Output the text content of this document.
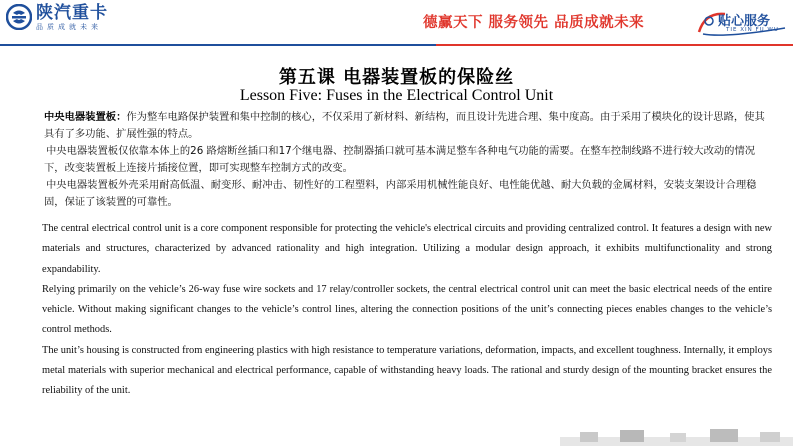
陕汽重卡
品质成就未来	德赢天下 服务领先 品质成就未来	贴心服务
TIE XIN FU WU
第五课 电器装置板的保险丝
Lesson Five: Fuses in the Electrical Control Unit

中央电器装置板：作为整车电路保护装置和集中控制的核心，不仅采用了新材料、新结构，而且设计先进合理、集中度高。由于采用了模块化的设计思路，使其具有了多功能、扩展性强的特点。

中央电器装置板仅依靠本体上的26 路熔断丝插口和17个继电器、控制器插口就可基本满足整车各种电气功能的需要。在整车控制线路不进行较大改动的情况下，改变装置板上连接片插接位置，即可实现整车控制方式的改变。

中央电器装置板外壳采用耐高低温、耐变形、耐冲击、韧性好的工程塑料，内部采用机械性能良好、电性能优越、耐大负载的金属材料，安装支架设计合理稳固，保证了该装置的可靠性。

The central electrical control unit is a core component responsible for protecting the vehicle's electrical circuits and providing centralized control. It features a design with new materials and structures, characterized by advanced rationality and high integration. Utilizing a modular design approach, it exhibits multifunctionality and strong expandability.

Relying primarily on the vehicle’s 26-way fuse wire sockets and 17 relay/controller sockets, the central electrical control unit can meet the basic electrical needs of the entire vehicle. Without making significant changes to the vehicle’s control lines, altering the connection positions of the unit’s connecting pieces enables changes to the vehicle’s control methods.

The unit’s housing is constructed from engineering plastics with high resistance to temperature variations, deformation, impacts, and excellent toughness. Internally, it employs metal materials with superior mechanical and electrical performance, capable of withstanding heavy loads. The rational and sturdy design of the mounting bracket ensures the reliability of the unit.
